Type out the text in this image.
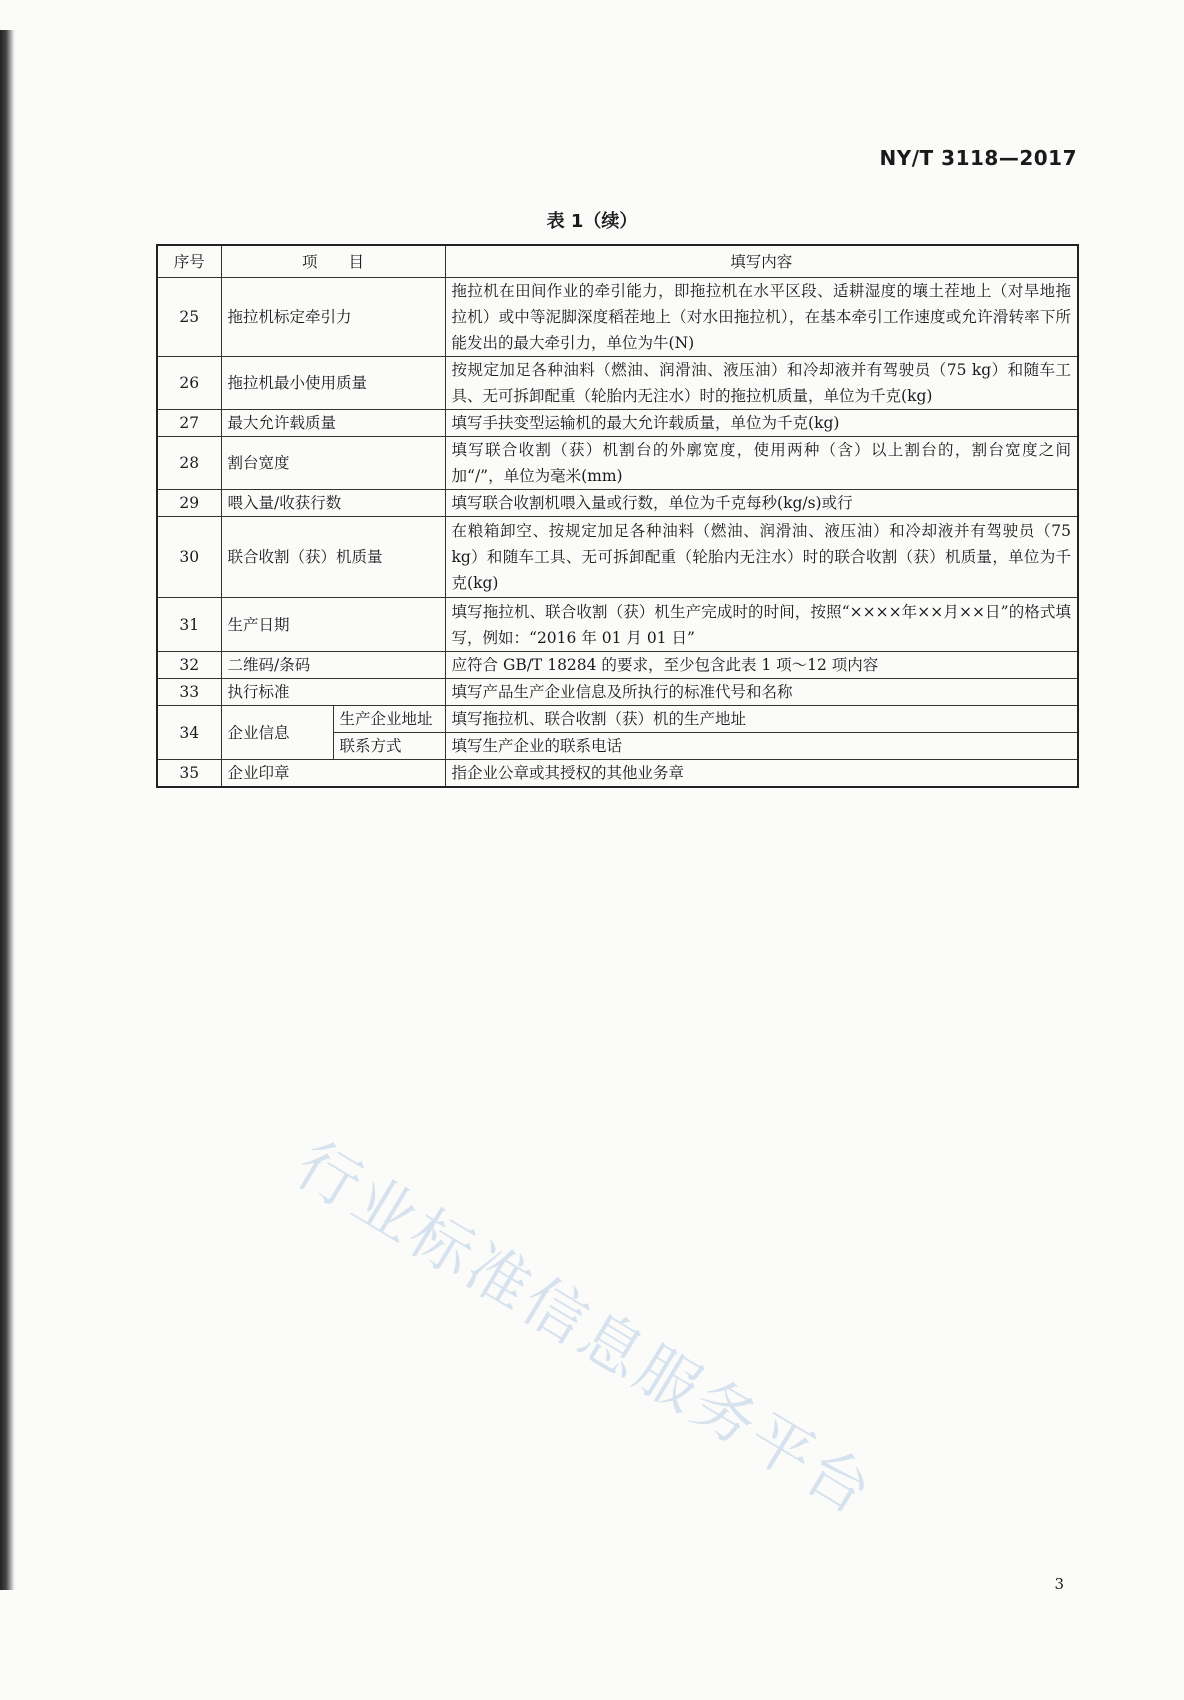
NY/T 3118—2017
表 1（续）
序号	项　　目		填写内容
25	拖拉机标定牵引力		拖拉机在田间作业的牵引能力，即拖拉机在水平区段、适耕湿度的壤土茬地上（对旱地拖拉机）或中等泥脚深度稻茬地上（对水田拖拉机），在基本牵引工作速度或允许滑转率下所能发出的最大牵引力，单位为牛(N)
26	拖拉机最小使用质量		按规定加足各种油料（燃油、润滑油、液压油）和冷却液并有驾驶员（75 kg）和随车工具、无可拆卸配重（轮胎内无注水）时的拖拉机质量，单位为千克(kg)
27	最大允许载质量		填写手扶变型运输机的最大允许载质量，单位为千克(kg)
28	割台宽度		填写联合收割（获）机割台的外廓宽度，使用两种（含）以上割台的，割台宽度之间加“/”，单位为毫米(mm)
29	喂入量/收获行数		填写联合收割机喂入量或行数，单位为千克每秒(kg/s)或行
30	联合收割（获）机质量		在粮箱卸空、按规定加足各种油料（燃油、润滑油、液压油）和冷却液并有驾驶员（75 kg）和随车工具、无可拆卸配重（轮胎内无注水）时的联合收割（获）机质量，单位为千克(kg)
31	生产日期		填写拖拉机、联合收割（获）机生产完成时的时间，按照“××××年××月××日”的格式填写，例如：“2016 年 01 月 01 日”
32	二维码/条码		应符合 GB/T 18284 的要求，至少包含此表 1 项～12 项内容
33	执行标准		填写产品生产企业信息及所执行的标准代号和名称
34	企业信息	生产企业地址	填写拖拉机、联合收割（获）机的生产地址
		联系方式	填写生产企业的联系电话
35	企业印章		指企业公章或其授权的其他业务章
行业标准信息服务平台
3
